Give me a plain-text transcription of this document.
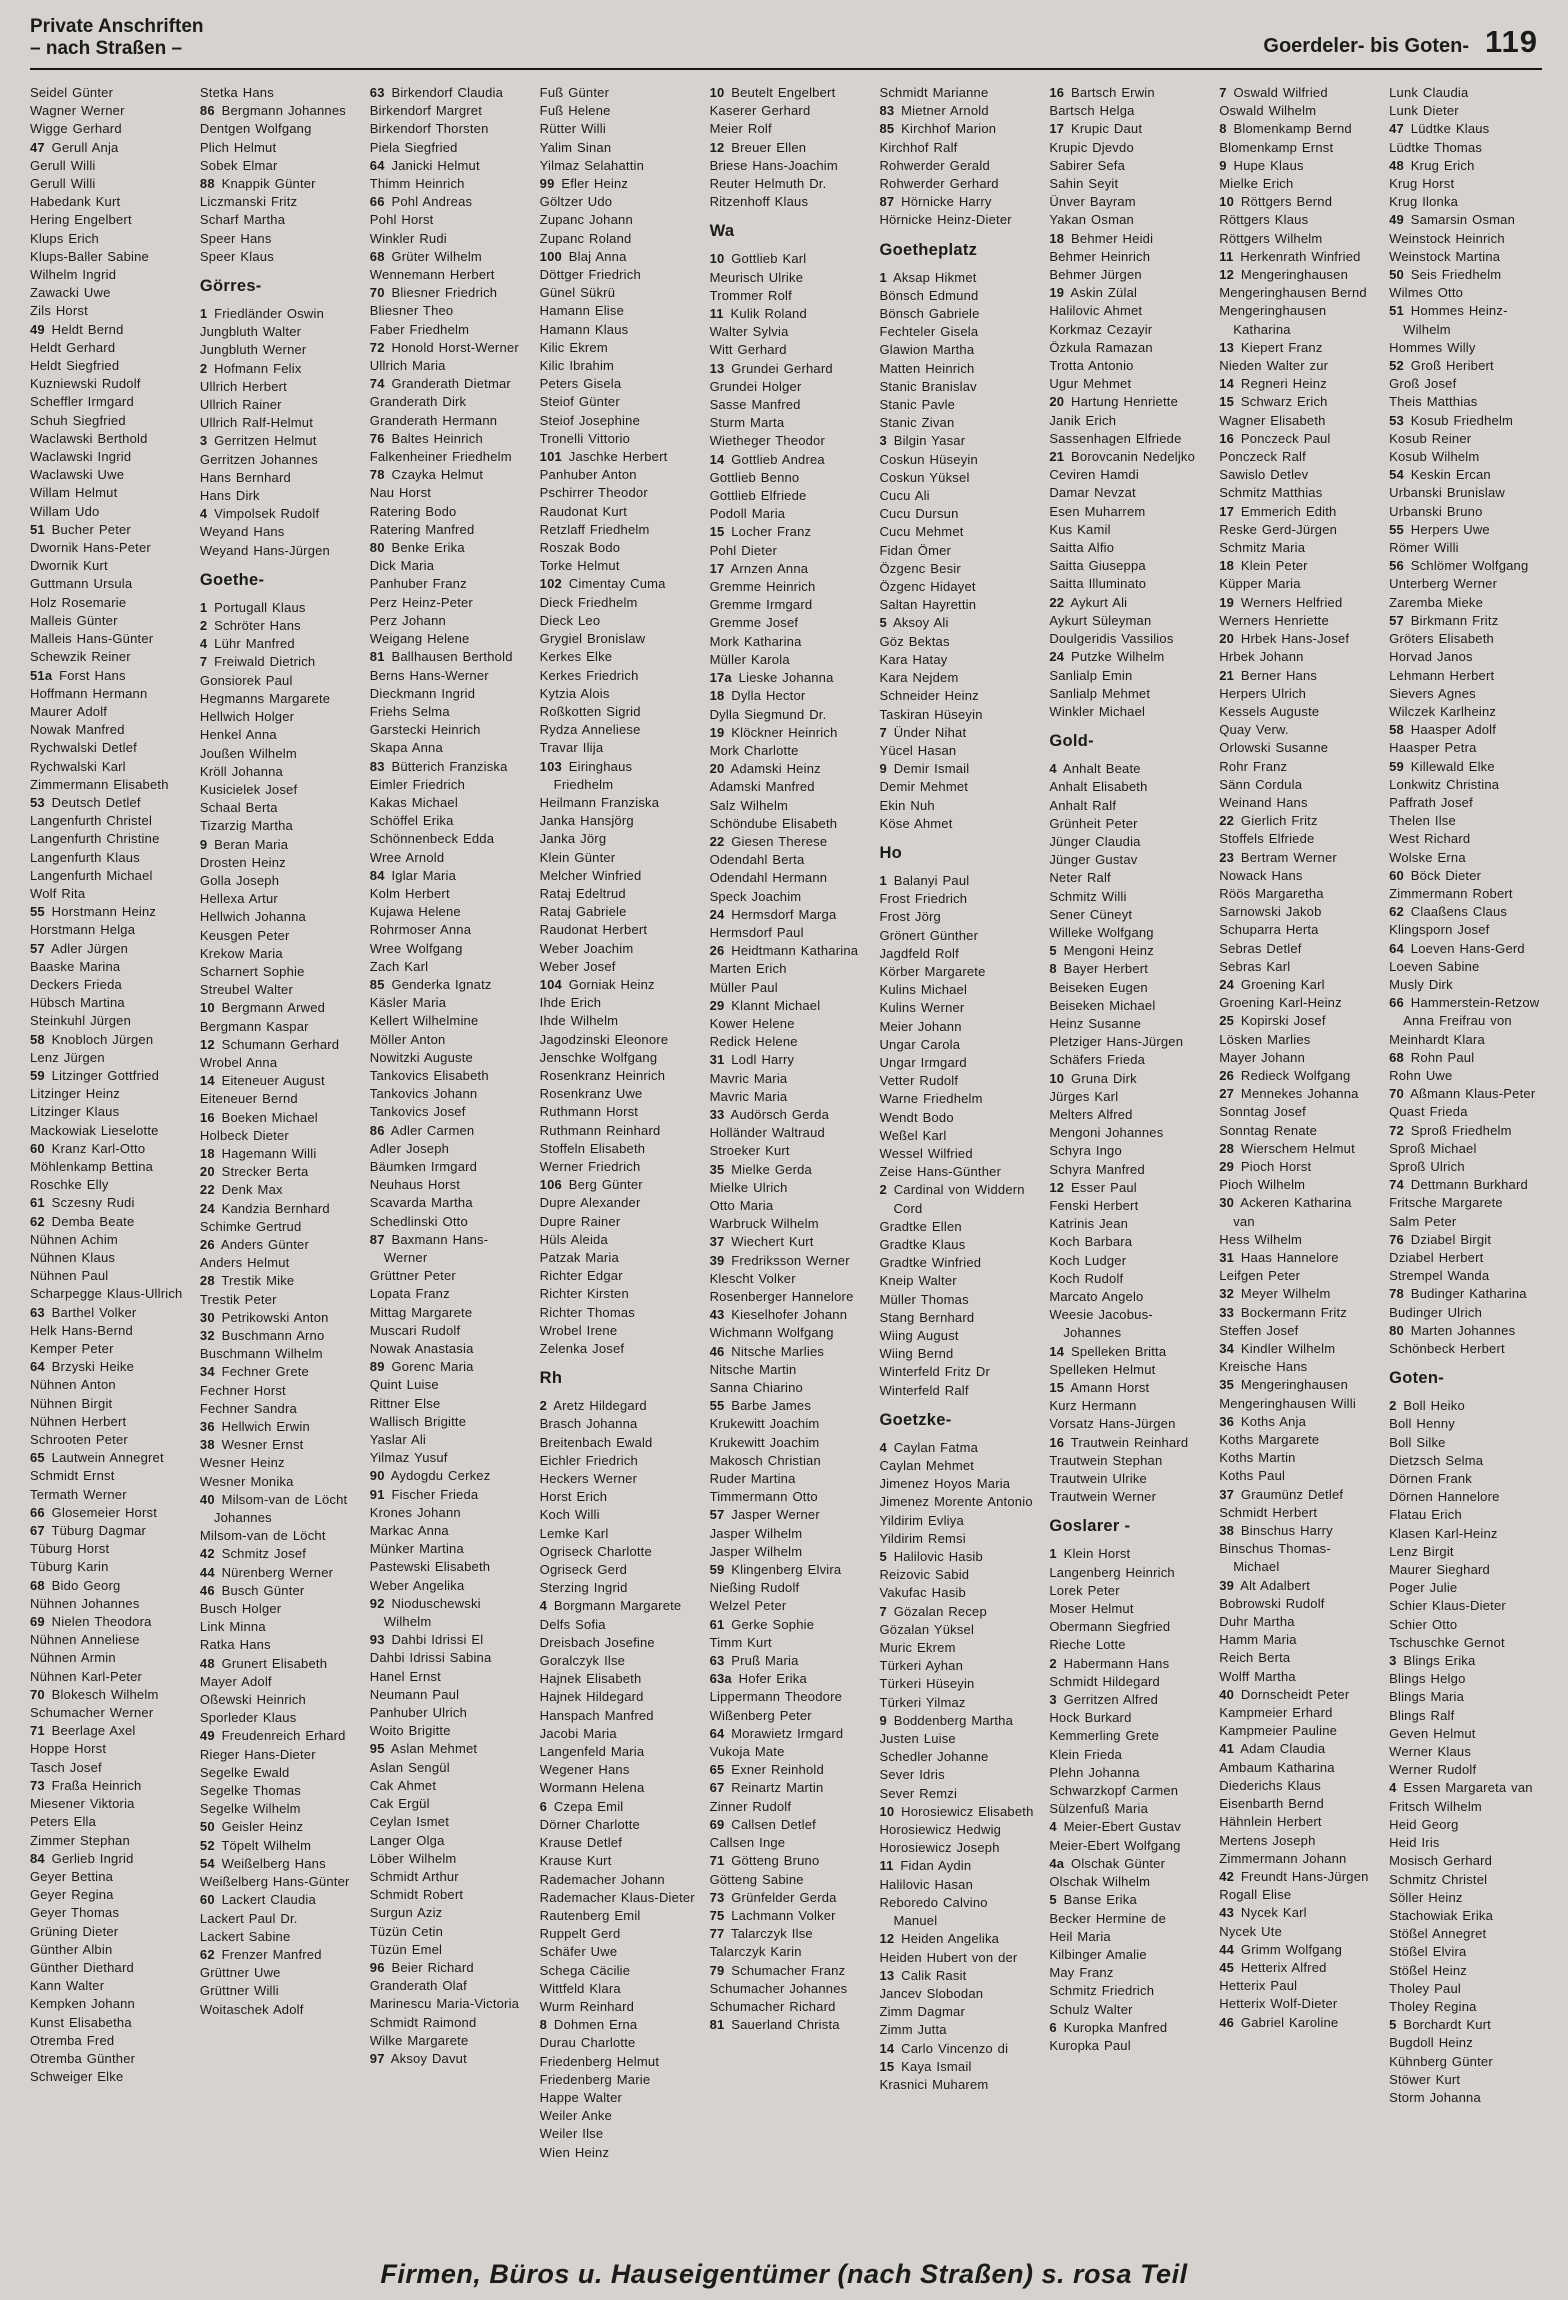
Private Anschriften
– nach Straßen –	Goerdeler- bis Goten- 119
Seidel Günter
Wagner Werner
Wigge Gerhard
47 Gerull Anja
Gerull Willi
Gerull Willi
Habedank Kurt
Hering Engelbert
Klups Erich
Klups-Baller Sabine
Wilhelm Ingrid
Zawacki Uwe
Zils Horst
49 Heldt Bernd
Heldt Gerhard
Heldt Siegfried
Kuzniewski Rudolf
Scheffler Irmgard
Schuh Siegfried
Waclawski Berthold
Waclawski Ingrid
Waclawski Uwe
Willam Helmut
Willam Udo
51 Bucher Peter
Dwornik Hans-Peter
Dwornik Kurt
Guttmann Ursula
Holz Rosemarie
Malleis Günter
Malleis Hans-Günter
Schewzik Reiner
51a Forst Hans
Hoffmann Hermann
Maurer Adolf
Nowak Manfred
Rychwalski Detlef
Rychwalski Karl
Zimmermann Elisabeth
53 Deutsch Detlef
Langenfurth Christel
Langenfurth Christine
Langenfurth Klaus
Langenfurth Michael
Wolf Rita
55 Horstmann Heinz
Horstmann Helga
57 Adler Jürgen
Baaske Marina
Deckers Frieda
Hübsch Martina
Steinkuhl Jürgen
58 Knobloch Jürgen
Lenz Jürgen
59 Litzinger Gottfried
Litzinger Heinz
Litzinger Klaus
Mackowiak Lieselotte
60 Kranz Karl-Otto
Möhlenkamp Bettina
Roschke Elly
61 Sczesny Rudi
62 Demba Beate
Nühnen Achim
Nühnen Klaus
Nühnen Paul
Scharpegge Klaus-Ullrich
63 Barthel Volker
Helk Hans-Bernd
Kemper Peter
64 Brzyski Heike
Nühnen Anton
Nühnen Birgit
Nühnen Herbert
Schrooten Peter
65 Lautwein Annegret
Schmidt Ernst
Termath Werner
66 Glosemeier Horst
67 Tüburg Dagmar
Tüburg Horst
Tüburg Karin
68 Bido Georg
Nühnen Johannes
69 Nielen Theodora
Nühnen Anneliese
Nühnen Armin
Nühnen Karl-Peter
70 Blokesch Wilhelm
Schumacher Werner
71 Beerlage Axel
Hoppe Horst
Tasch Josef
73 Fraßa Heinrich
Miesener Viktoria
Peters Ella
Zimmer Stephan
84 Gerlieb Ingrid
Geyer Bettina
Geyer Regina
Geyer Thomas
Grüning Dieter
Günther Albin
Günther Diethard
Kann Walter
Kempken Johann
Kunst Elisabetha
Otremba Fred
Otremba Günther
Schweiger Elke
Stetka Hans
86 Bergmann Johannes
Dentgen Wolfgang
Plich Helmut
Sobek Elmar
88 Knappik Günter
Liczmanski Fritz
Scharf Martha
Speer Hans
Speer Klaus
Görres-
1 Friedländer Oswin
Jungbluth Walter
Jungbluth Werner
2 Hofmann Felix
Ullrich Herbert
Ullrich Rainer
Ullrich Ralf-Helmut
3 Gerritzen Helmut
Gerritzen Johannes
Hans Bernhard
Hans Dirk
4 Vimpolsek Rudolf
Weyand Hans
Weyand Hans-Jürgen
Goethe-
1 Portugall Klaus
2 Schröter Hans
4 Lühr Manfred
7 Freiwald Dietrich
Gonsiorek Paul
Hegmanns Margarete
Hellwich Holger
Henkel Anna
Joußen Wilhelm
Kröll Johanna
Kusicielek Josef
Schaal Berta
Tizarzig Martha
9 Beran Maria
Drosten Heinz
Golla Joseph
Hellexa Artur
Hellwich Johanna
Keusgen Peter
Krekow Maria
Scharnert Sophie
Streubel Walter
10 Bergmann Arwed
Bergmann Kaspar
12 Schumann Gerhard
Wrobel Anna
14 Eiteneuer August
Eiteneuer Bernd
16 Boeken Michael
Holbeck Dieter
18 Hagemann Willi
20 Strecker Berta
22 Denk Max
24 Kandzia Bernhard
Schimke Gertrud
26 Anders Günter
Anders Helmut
28 Trestik Mike
Trestik Peter
30 Petrikowski Anton
32 Buschmann Arno
Buschmann Wilhelm
34 Fechner Grete
Fechner Horst
Fechner Sandra
36 Hellwich Erwin
38 Wesner Ernst
Wesner Heinz
Wesner Monika
40 Milsom-van de Löcht Johannes
Milsom-van de Löcht
42 Schmitz Josef
44 Nürenberg Werner
46 Busch Günter
Busch Holger
Link Minna
Ratka Hans
48 Grunert Elisabeth
Mayer Adolf
Oßewski Heinrich
Sporleder Klaus
49 Freudenreich Erhard
Rieger Hans-Dieter
Segelke Ewald
Segelke Thomas
Segelke Wilhelm
50 Geisler Heinz
52 Töpelt Wilhelm
54 Weißelberg Hans
Weißelberg Hans-Günter
60 Lackert Claudia
Lackert Paul Dr.
Lackert Sabine
62 Frenzer Manfred
Grüttner Uwe
Grüttner Willi
Woitaschek Adolf
63 Birkendorf Claudia
Birkendorf Margret
Birkendorf Thorsten
Piela Siegfried
64 Janicki Helmut
Thimm Heinrich
66 Pohl Andreas
Pohl Horst
Winkler Rudi
68 Grüter Wilhelm
Wennemann Herbert
70 Bliesner Friedrich
Bliesner Theo
Faber Friedhelm
72 Honold Horst-Werner
Ullrich Maria
74 Granderath Dietmar
Granderath Dirk
Granderath Hermann
76 Baltes Heinrich
Falkenheiner Friedhelm
78 Czayka Helmut
Nau Horst
Ratering Bodo
Ratering Manfred
80 Benke Erika
Dick Maria
Panhuber Franz
Perz Heinz-Peter
Perz Johann
Weigang Helene
81 Ballhausen Berthold
Berns Hans-Werner
Dieckmann Ingrid
Friehs Selma
Garstecki Heinrich
Skapa Anna
83 Bütterich Franziska
Eimler Friedrich
Kakas Michael
Schöffel Erika
Schönnenbeck Edda
Wree Arnold
84 Iglar Maria
Kolm Herbert
Kujawa Helene
Rohrmoser Anna
Wree Wolfgang
Zach Karl
85 Genderka Ignatz
Käsler Maria
Kellert Wilhelmine
Möller Anton
Nowitzki Auguste
Tankovics Elisabeth
Tankovics Johann
Tankovics Josef
86 Adler Carmen
Adler Joseph
Bäumken Irmgard
Neuhaus Horst
Scavarda Martha
Schedlinski Otto
87 Baxmann Hans-Werner
Grüttner Peter
Lopata Franz
Mittag Margarete
Muscari Rudolf
Nowak Anastasia
89 Gorenc Maria
Quint Luise
Rittner Else
Wallisch Brigitte
Yaslar Ali
Yilmaz Yusuf
90 Aydogdu Cerkez
91 Fischer Frieda
Krones Johann
Markac Anna
Münker Martina
Pastewski Elisabeth
Weber Angelika
92 Nioduschewski Wilhelm
93 Dahbi Idrissi El
Dahbi Idrissi Sabina
Hanel Ernst
Neumann Paul
Panhuber Ulrich
Woito Brigitte
95 Aslan Mehmet
Aslan Sengül
Cak Ahmet
Cak Ergül
Ceylan Ismet
Langer Olga
Löber Wilhelm
Schmidt Arthur
Schmidt Robert
Surgun Aziz
Tüzün Cetin
Tüzün Emel
96 Beier Richard
Granderath Olaf
Marinescu Maria-Victoria
Schmidt Raimond
Wilke Margarete
97 Aksoy Davut
Fuß Günter
Fuß Helene
Rütter Willi
Yalim Sinan
Yilmaz Selahattin
99 Efler Heinz
Göltzer Udo
Zupanc Johann
Zupanc Roland
100 Blaj Anna
Döttger Friedrich
Günel Sükrü
Hamann Elise
Hamann Klaus
Kilic Ekrem
Kilic Ibrahim
Peters Gisela
Steiof Günter
Steiof Josephine
Tronelli Vittorio
101 Jaschke Herbert
Panhuber Anton
Pschirrer Theodor
Raudonat Kurt
Retzlaff Friedhelm
Roszak Bodo
Torke Helmut
102 Cimentay Cuma
Dieck Friedhelm
Dieck Leo
Grygiel Bronislaw
Kerkes Elke
Kerkes Friedrich
Kytzia Alois
Roßkotten Sigrid
Rydza Anneliese
Travar Ilija
103 Eiringhaus Friedhelm
Heilmann Franziska
Janka Hansjörg
Janka Jörg
Klein Günter
Melcher Winfried
Rataj Edeltrud
Rataj Gabriele
Raudonat Herbert
Weber Joachim
Weber Josef
104 Gorniak Heinz
Ihde Erich
Ihde Wilhelm
Jagodzinski Eleonore
Jenschke Wolfgang
Rosenkranz Heinrich
Rosenkranz Uwe
Ruthmann Horst
Ruthmann Reinhard
Stoffeln Elisabeth
Werner Friedrich
106 Berg Günter
Dupre Alexander
Dupre Rainer
Hüls Aleida
Patzak Maria
Richter Edgar
Richter Kirsten
Richter Thomas
Wrobel Irene
Zelenka Josef
Rh
2 Aretz Hildegard
Brasch Johanna
Breitenbach Ewald
Eichler Friedrich
Heckers Werner
Horst Erich
Koch Willi
Lemke Karl
Ogriseck Charlotte
Ogriseck Gerd
Sterzing Ingrid
4 Borgmann Margarete
Delfs Sofia
Dreisbach Josefine
Goralczyk Ilse
Hajnek Elisabeth
Hajnek Hildegard
Hanspach Manfred
Jacobi Maria
Langenfeld Maria
Wegener Hans
Wormann Helena
6 Czepa Emil
Dörner Charlotte
Krause Detlef
Krause Kurt
Rademacher Johann
Rademacher Klaus-Dieter
Rautenberg Emil
Ruppelt Gerd
Schäfer Uwe
Schega Cäcilie
Wittfeld Klara
Wurm Reinhard
8 Dohmen Erna
Durau Charlotte
Friedenberg Helmut
Friedenberg Marie
Happe Walter
Weiler Anke
Weiler Ilse
Wien Heinz
10 Beutelt Engelbert
Kaserer Gerhard
Meier Rolf
12 Breuer Ellen
Briese Hans-Joachim
Reuter Helmuth Dr.
Ritzenhoff Klaus
Wa
10 Gottlieb Karl
Meurisch Ulrike
Trommer Rolf
11 Kulik Roland
Walter Sylvia
Witt Gerhard
13 Grundei Gerhard
Grundei Holger
Sasse Manfred
Sturm Marta
Wietheger Theodor
14 Gottlieb Andrea
Gottlieb Benno
Gottlieb Elfriede
Podoll Maria
15 Locher Franz
Pohl Dieter
17 Arnzen Anna
Gremme Heinrich
Gremme Irmgard
Gremme Josef
Mork Katharina
Müller Karola
17a Lieske Johanna
18 Dylla Hector
Dylla Siegmund Dr.
19 Klöckner Heinrich
Mork Charlotte
20 Adamski Heinz
Adamski Manfred
Salz Wilhelm
Schöndube Elisabeth
22 Giesen Therese
Odendahl Berta
Odendahl Hermann
Speck Joachim
24 Hermsdorf Marga
Hermsdorf Paul
26 Heidtmann Katharina
Marten Erich
Müller Paul
29 Klannt Michael
Kower Helene
Redick Helene
31 Lodl Harry
Mavric Maria
Mavric Maria
33 Audörsch Gerda
Holländer Waltraud
Stroeker Kurt
35 Mielke Gerda
Mielke Ulrich
Otto Maria
Warbruck Wilhelm
37 Wiechert Kurt
39 Fredriksson Werner
Klescht Volker
Rosenberger Hannelore
43 Kieselhofer Johann
Wichmann Wolfgang
46 Nitsche Marlies
Nitsche Martin
Sanna Chiarino
55 Barbe James
Krukewitt Joachim
Krukewitt Joachim
Makosch Christian
Ruder Martina
Timmermann Otto
57 Jasper Werner
Jasper Wilhelm
Jasper Wilhelm
59 Klingenberg Elvira
Nießing Rudolf
Welzel Peter
61 Gerke Sophie
Timm Kurt
63 Pruß Maria
63a Hofer Erika
Lippermann Theodore
Wißenberg Peter
64 Morawietz Irmgard
Vukoja Mate
65 Exner Reinhold
67 Reinartz Martin
Zinner Rudolf
69 Callsen Detlef
Callsen Inge
71 Götteng Bruno
Götteng Sabine
73 Grünfelder Gerda
75 Lachmann Volker
77 Talarczyk Ilse
Talarczyk Karin
79 Schumacher Franz
Schumacher Johannes
Schumacher Richard
81 Sauerland Christa
Schmidt Marianne
83 Mietner Arnold
85 Kirchhof Marion
Kirchhof Ralf
Rohwerder Gerald
Rohwerder Gerhard
87 Hörnicke Harry
Hörnicke Heinz-Dieter
Goetheplatz
1 Aksap Hikmet
Bönsch Edmund
Bönsch Gabriele
Fechteler Gisela
Glawion Martha
Matten Heinrich
Stanic Branislav
Stanic Pavle
Stanic Zivan
3 Bilgin Yasar
Coskun Hüseyin
Coskun Yüksel
Cucu Ali
Cucu Dursun
Cucu Mehmet
Fidan Ömer
Özgenc Besir
Özgenc Hidayet
Saltan Hayrettin
5 Aksoy Ali
Göz Bektas
Kara Hatay
Kara Nejdem
Schneider Heinz
Taskiran Hüseyin
7 Ünder Nihat
Yücel Hasan
9 Demir Ismail
Demir Mehmet
Ekin Nuh
Köse Ahmet
Ho
1 Balanyi Paul
Frost Friedrich
Frost Jörg
Grönert Günther
Jagdfeld Rolf
Körber Margarete
Kulins Michael
Kulins Werner
Meier Johann
Ungar Carola
Ungar Irmgard
Vetter Rudolf
Warne Friedhelm
Wendt Bodo
Weßel Karl
Wessel Wilfried
Zeise Hans-Günther
2 Cardinal von Widdern Cord
Gradtke Ellen
Gradtke Klaus
Gradtke Winfried
Kneip Walter
Müller Thomas
Stang Bernhard
Wiing August
Wiing Bernd
Winterfeld Fritz Dr
Winterfeld Ralf
Goetzke-
4 Caylan Fatma
Caylan Mehmet
Jimenez Hoyos Maria
Jimenez Morente Antonio
Yildirim Evliya
Yildirim Remsi
5 Halilovic Hasib
Reizovic Sabid
Vakufac Hasib
7 Gözalan Recep
Gözalan Yüksel
Muric Ekrem
Türkeri Ayhan
Türkeri Hüseyin
Türkeri Yilmaz
9 Boddenberg Martha
Justen Luise
Schedler Johanne
Sever Idris
Sever Remzi
10 Horosiewicz Elisabeth
Horosiewicz Hedwig
Horosiewicz Joseph
11 Fidan Aydin
Halilovic Hasan
Reboredo Calvino Manuel
12 Heiden Angelika
Heiden Hubert von der
13 Calik Rasit
Jancev Slobodan
Zimm Dagmar
Zimm Jutta
14 Carlo Vincenzo di
15 Kaya Ismail
Krasnici Muharem
16 Bartsch Erwin
Bartsch Helga
17 Krupic Daut
Krupic Djevdo
Sabirer Sefa
Sahin Seyit
Ünver Bayram
Yakan Osman
18 Behmer Heidi
Behmer Heinrich
Behmer Jürgen
19 Askin Zülal
Halilovic Ahmet
Korkmaz Cezayir
Özkula Ramazan
Trotta Antonio
Ugur Mehmet
20 Hartung Henriette
Janik Erich
Sassenhagen Elfriede
21 Borovcanin Nedeljko
Ceviren Hamdi
Damar Nevzat
Esen Muharrem
Kus Kamil
Saitta Alfio
Saitta Giuseppa
Saitta Illuminato
22 Aykurt Ali
Aykurt Süleyman
Doulgeridis Vassilios
24 Putzke Wilhelm
Sanlialp Emin
Sanlialp Mehmet
Winkler Michael
Gold-
4 Anhalt Beate
Anhalt Elisabeth
Anhalt Ralf
Grünheit Peter
Jünger Claudia
Jünger Gustav
Neter Ralf
Schmitz Willi
Sener Cüneyt
Willeke Wolfgang
5 Mengoni Heinz
8 Bayer Herbert
Beiseken Eugen
Beiseken Michael
Heinz Susanne
Pletziger Hans-Jürgen
Schäfers Frieda
10 Gruna Dirk
Jürges Karl
Melters Alfred
Mengoni Johannes
Schyra Ingo
Schyra Manfred
12 Esser Paul
Fenski Herbert
Katrinis Jean
Koch Barbara
Koch Ludger
Koch Rudolf
Marcato Angelo
Weesie Jacobus-Johannes
14 Spelleken Britta
Spelleken Helmut
15 Amann Horst
Kurz Hermann
Vorsatz Hans-Jürgen
16 Trautwein Reinhard
Trautwein Stephan
Trautwein Ulrike
Trautwein Werner
Goslarer -
1 Klein Horst
Langenberg Heinrich
Lorek Peter
Moser Helmut
Obermann Siegfried
Rieche Lotte
2 Habermann Hans
Schmidt Hildegard
3 Gerritzen Alfred
Hock Burkard
Kemmerling Grete
Klein Frieda
Plehn Johanna
Schwarzkopf Carmen
Sülzenfuß Maria
4 Meier-Ebert Gustav
Meier-Ebert Wolfgang
4a Olschak Günter
Olschak Wilhelm
5 Banse Erika
Becker Hermine de
Heil Maria
Kilbinger Amalie
May Franz
Schmitz Friedrich
Schulz Walter
6 Kuropka Manfred
Kuropka Paul
7 Oswald Wilfried
Oswald Wilhelm
8 Blomenkamp Bernd
Blomenkamp Ernst
9 Hupe Klaus
Mielke Erich
10 Röttgers Bernd
Röttgers Klaus
Röttgers Wilhelm
11 Herkenrath Winfried
12 Mengeringhausen
Mengeringhausen Bernd
Mengeringhausen Katharina
13 Kiepert Franz
Nieden Walter zur
14 Regneri Heinz
15 Schwarz Erich
Wagner Elisabeth
16 Ponczeck Paul
Ponczeck Ralf
Sawislo Detlev
Schmitz Matthias
17 Emmerich Edith
Reske Gerd-Jürgen
Schmitz Maria
18 Klein Peter
Küpper Maria
19 Werners Helfried
Werners Henriette
20 Hrbek Hans-Josef
Hrbek Johann
21 Berner Hans
Herpers Ulrich
Kessels Auguste
Quay Verw.
Orlowski Susanne
Rohr Franz
Sänn Cordula
Weinand Hans
22 Gierlich Fritz
Stoffels Elfriede
23 Bertram Werner
Nowack Hans
Röös Margaretha
Sarnowski Jakob
Schuparra Herta
Sebras Detlef
Sebras Karl
24 Groening Karl
Groening Karl-Heinz
25 Kopirski Josef
Lösken Marlies
Mayer Johann
26 Redieck Wolfgang
27 Mennekes Johanna
Sonntag Josef
Sonntag Renate
28 Wierschem Helmut
29 Pioch Horst
Pioch Wilhelm
30 Ackeren Katharina van
Hess Wilhelm
31 Haas Hannelore
Leifgen Peter
32 Meyer Wilhelm
33 Bockermann Fritz
Steffen Josef
34 Kindler Wilhelm
Kreische Hans
35 Mengeringhausen
Mengeringhausen Willi
36 Koths Anja
Koths Margarete
Koths Martin
Koths Paul
37 Graumünz Detlef
Schmidt Herbert
38 Binschus Harry
Binschus Thomas-Michael
39 Alt Adalbert
Bobrowski Rudolf
Duhr Martha
Hamm Maria
Reich Berta
Wolff Martha
40 Dornscheidt Peter
Kampmeier Erhard
Kampmeier Pauline
41 Adam Claudia
Ambaum Katharina
Diederichs Klaus
Eisenbarth Bernd
Hähnlein Herbert
Mertens Joseph
Zimmermann Johann
42 Freundt Hans-Jürgen
Rogall Elise
43 Nycek Karl
Nycek Ute
44 Grimm Wolfgang
45 Hetterix Alfred
Hetterix Paul
Hetterix Wolf-Dieter
46 Gabriel Karoline
Lunk Claudia
Lunk Dieter
47 Lüdtke Klaus
Lüdtke Thomas
48 Krug Erich
Krug Horst
Krug Ilonka
49 Samarsin Osman
Weinstock Heinrich
Weinstock Martina
50 Seis Friedhelm
Wilmes Otto
51 Hommes Heinz-Wilhelm
Hommes Willy
52 Groß Heribert
Groß Josef
Theis Matthias
53 Kosub Friedhelm
Kosub Reiner
Kosub Wilhelm
54 Keskin Ercan
Urbanski Brunislaw
Urbanski Bruno
55 Herpers Uwe
Römer Willi
56 Schlömer Wolfgang
Unterberg Werner
Zaremba Mieke
57 Birkmann Fritz
Gröters Elisabeth
Horvad Janos
Lehmann Herbert
Sievers Agnes
Wilczek Karlheinz
58 Haasper Adolf
Haasper Petra
59 Killewald Elke
Lonkwitz Christina
Paffrath Josef
Thelen Ilse
West Richard
Wolske Erna
60 Böck Dieter
Zimmermann Robert
62 Claaßens Claus
Klingsporn Josef
64 Loeven Hans-Gerd
Loeven Sabine
Musly Dirk
66 Hammerstein-Retzow Anna Freifrau von
Meinhardt Klara
68 Rohn Paul
Rohn Uwe
70 Aßmann Klaus-Peter
Quast Frieda
72 Sproß Friedhelm
Sproß Michael
Sproß Ulrich
74 Dettmann Burkhard
Fritsche Margarete
Salm Peter
76 Dziabel Birgit
Dziabel Herbert
Strempel Wanda
78 Budinger Katharina
Budinger Ulrich
80 Marten Johannes
Schönbeck Herbert
Goten-
2 Boll Heiko
Boll Henny
Boll Silke
Dietzsch Selma
Dörnen Frank
Dörnen Hannelore
Flatau Erich
Klasen Karl-Heinz
Lenz Birgit
Maurer Sieghard
Poger Julie
Schier Klaus-Dieter
Schier Otto
Tschuschke Gernot
3 Blings Erika
Blings Helgo
Blings Maria
Blings Ralf
Geven Helmut
Werner Klaus
Werner Rudolf
4 Essen Margareta van
Fritsch Wilhelm
Heid Georg
Heid Iris
Mosisch Gerhard
Schmitz Christel
Söller Heinz
Stachowiak Erika
Stößel Annegret
Stößel Elvira
Stößel Heinz
Tholey Paul
Tholey Regina
5 Borchardt Kurt
Bugdoll Heinz
Kühnberg Günter
Stöwer Kurt
Storm Johanna
Firmen, Büros u. Hauseigentümer (nach Straßen) s. rosa Teil
